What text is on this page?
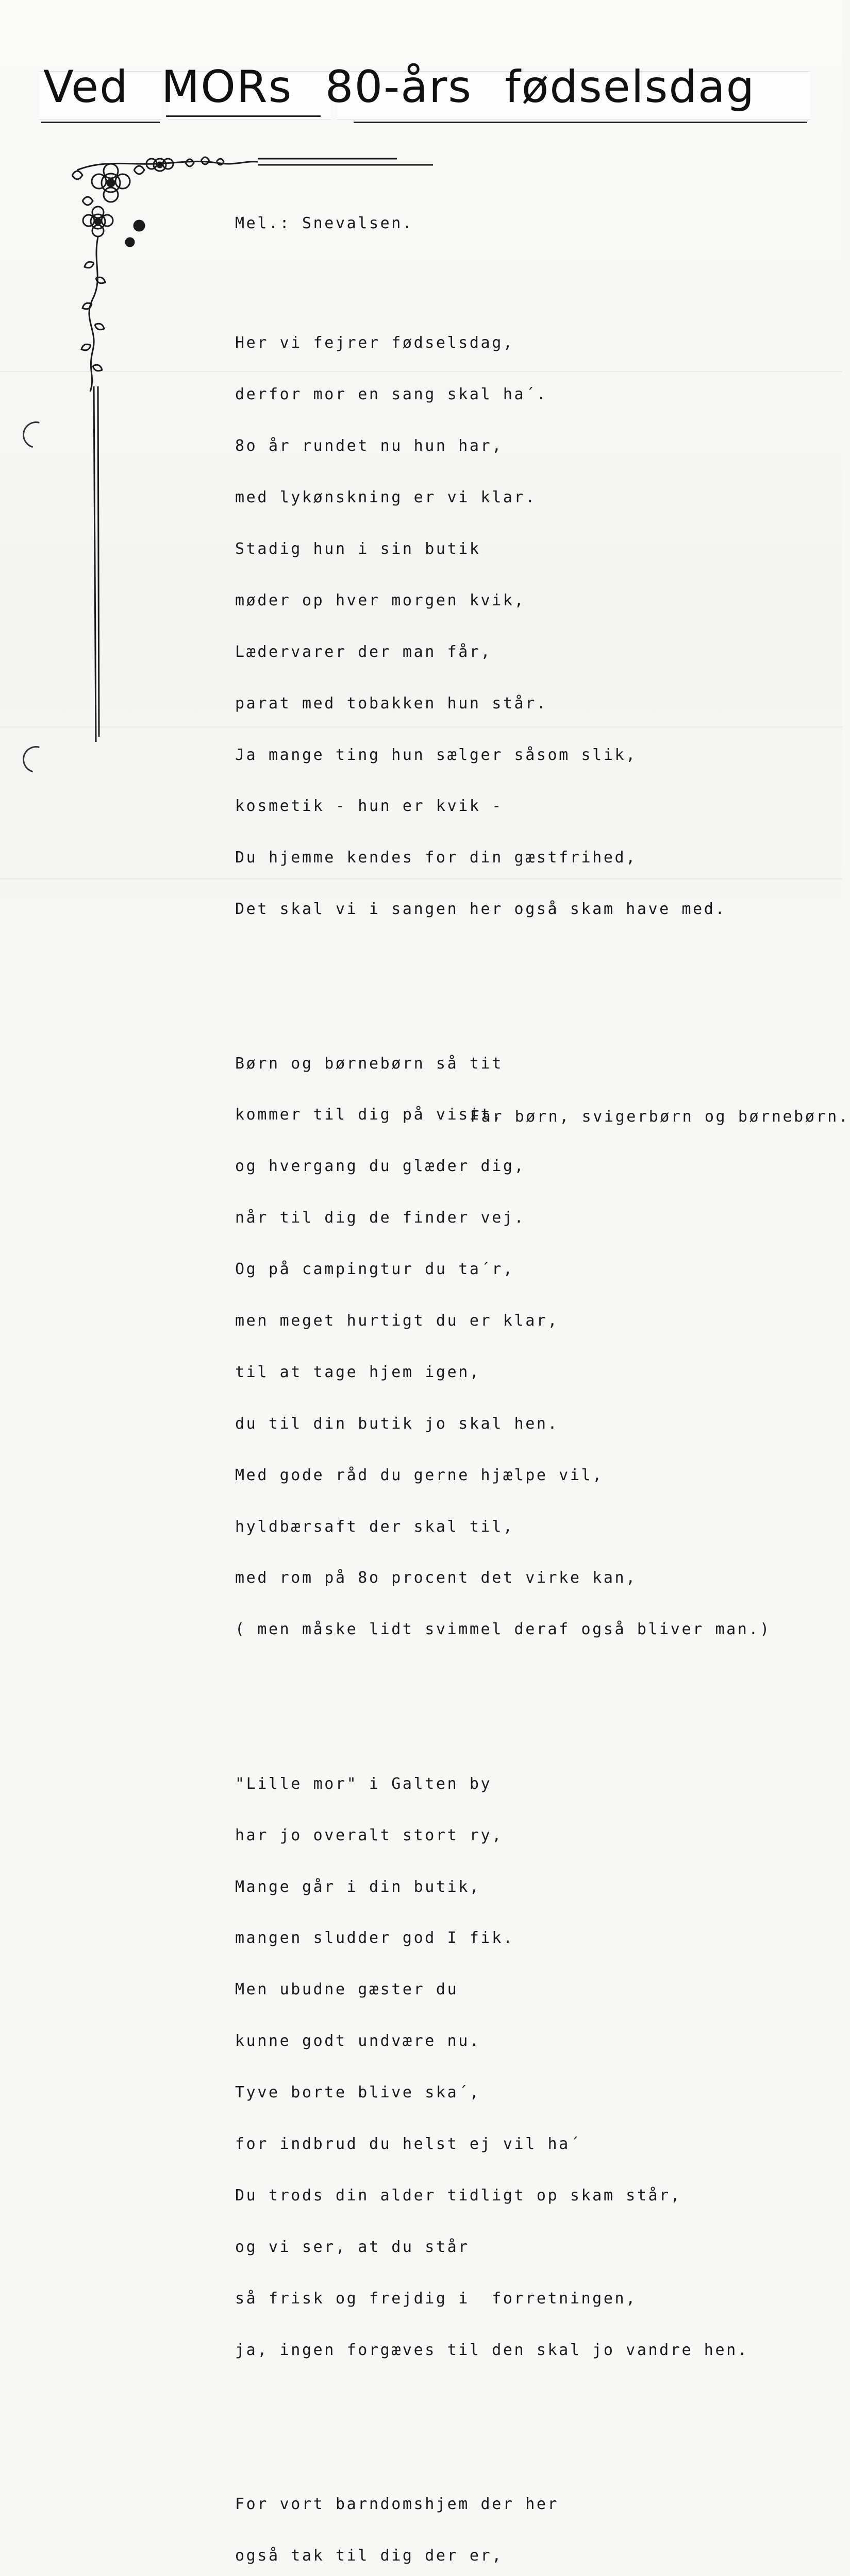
Ved MORs 80-års fødselsdag

Mel.: Snevalsen.

Her vi fejrer fødselsdag,

derfor mor en sang skal ha´.

8o år rundet nu hun har,

med lykønskning er vi klar.

Stadig hun i sin butik

møder op hver morgen kvik,

Lædervarer der man får,

parat med tobakken hun står.

Ja mange ting hun sælger såsom slik,

kosmetik - hun er kvik -

Du hjemme kendes for din gæstfrihed,

Det skal vi i sangen her også skam have med.

Børn og børnebørn så tit

kommer til dig på visit,

og hvergang du glæder dig,

når til dig de finder vej.

Og på campingtur du ta´r,

men meget hurtigt du er klar,

til at tage hjem igen,

du til din butik jo skal hen.

Med gode råd du gerne hjælpe vil,

hyldbærsaft der skal til,

med rom på 8o procent det virke kan,

( men måske lidt svimmel deraf også bliver man.)

"Lille mor" i Galten by

har jo overalt stort ry,

Mange går i din butik,

mangen sludder god I fik.

Men ubudne gæster du

kunne godt undvære nu.

Tyve borte blive ska´,

for indbrud du helst ej vil ha´

Du trods din alder tidligt op skam står,

og vi ser, at du står

så frisk og frejdig i  forretningen,

ja, ingen forgæves til den skal jo vandre hen.

For vort barndomshjem der her

også tak til dig der er,

Far børn, svigerbørn og børnebørn.
